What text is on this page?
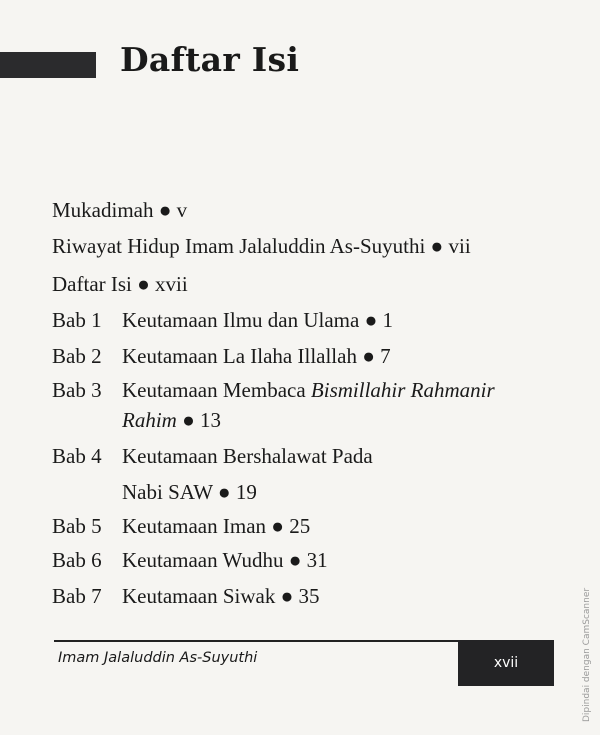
Daftar Isi
Mukadimah ● v
Riwayat Hidup Imam Jalaluddin As-Suyuthi ● vii
Daftar Isi ● xvii
Bab 1 Keutamaan Ilmu dan Ulama ● 1
Bab 2 Keutamaan La Ilaha Illallah ● 7
Bab 3 Keutamaan Membaca Bismillahir Rahmanir
Rahim ● 13
Bab 4 Keutamaan Bershalawat Pada
Nabi SAW ● 19
Bab 5 Keutamaan Iman ● 25
Bab 6 Keutamaan Wudhu ● 31
Bab 7 Keutamaan Siwak ● 35
Imam Jalaluddin As-Suyuthi	xvii	Dipindai dengan CamScanner
